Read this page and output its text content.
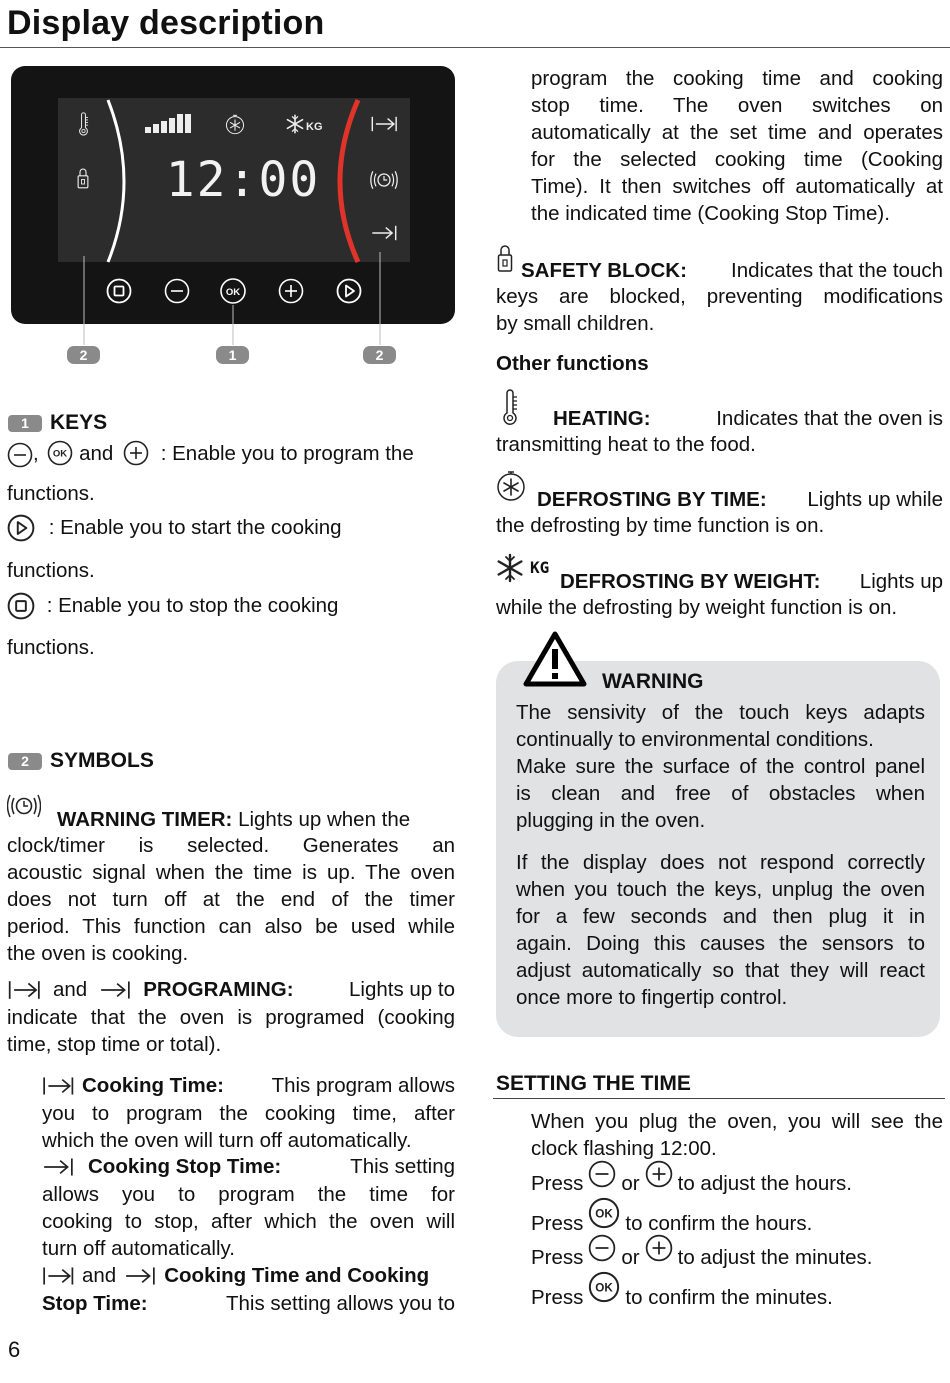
Display description
KG
12:00
OK
2	1	2
1 KEYS
, and : Enable you to program the
functions.
: Enable you to start the cooking
functions.
: Enable you to stop the cooking
functions.
2 SYMBOLS
WARNING TIMER: Lights up when the
clock/timer is selected. Generates an
acoustic signal when the time is up. The oven
does not turn off at the end of the timer
period. This function can also be used while
the oven is cooking.
and	PROGRAMING:	Lights up to
indicate that the oven is programed (cooking
time, stop time or total).
Cooking Time: This program allows
you to program the cooking time, after
which the oven will turn off automatically.
Cooking Stop Time:	This setting
allows you to program the time for
cooking to stop, after which the oven will
turn off automatically.
and Cooking Time and Cooking
Stop Time:	This setting allows you to
6
program the cooking time and cooking
stop time. The oven switches on
automatically at the set time and operates
for the selected cooking time (Cooking
Time). It then switches off automatically at
the indicated time (Cooking Stop Time).
SAFETY BLOCK: Indicates that the touch
keys are blocked, preventing modifications
by small children.
Other functions
HEATING:	Indicates that the oven is
transmitting heat to the food.
DEFROSTING BY TIME: Lights up while
the defrosting by time function is on.
KG
DEFROSTING BY WEIGHT: Lights up
while the defrosting by weight function is on.
WARNING
The sensivity of the touch keys adapts
continually to environmental conditions.
Make sure the surface of the control panel
is clean and free of obstacles when
plugging in the oven.
If the display does not respond correctly
when you touch the keys, unplug the oven
for a few seconds and then plug it in
again. Doing this causes the sensors to
adjust automatically so that they will react
once more to fingertip control.
SETTING THE TIME
When you plug the oven, you will see the
clock flashing 12:00.
Press or to adjust the hours.
Press to confirm the hours.
Press or to adjust the minutes.
Press to confirm the minutes.
